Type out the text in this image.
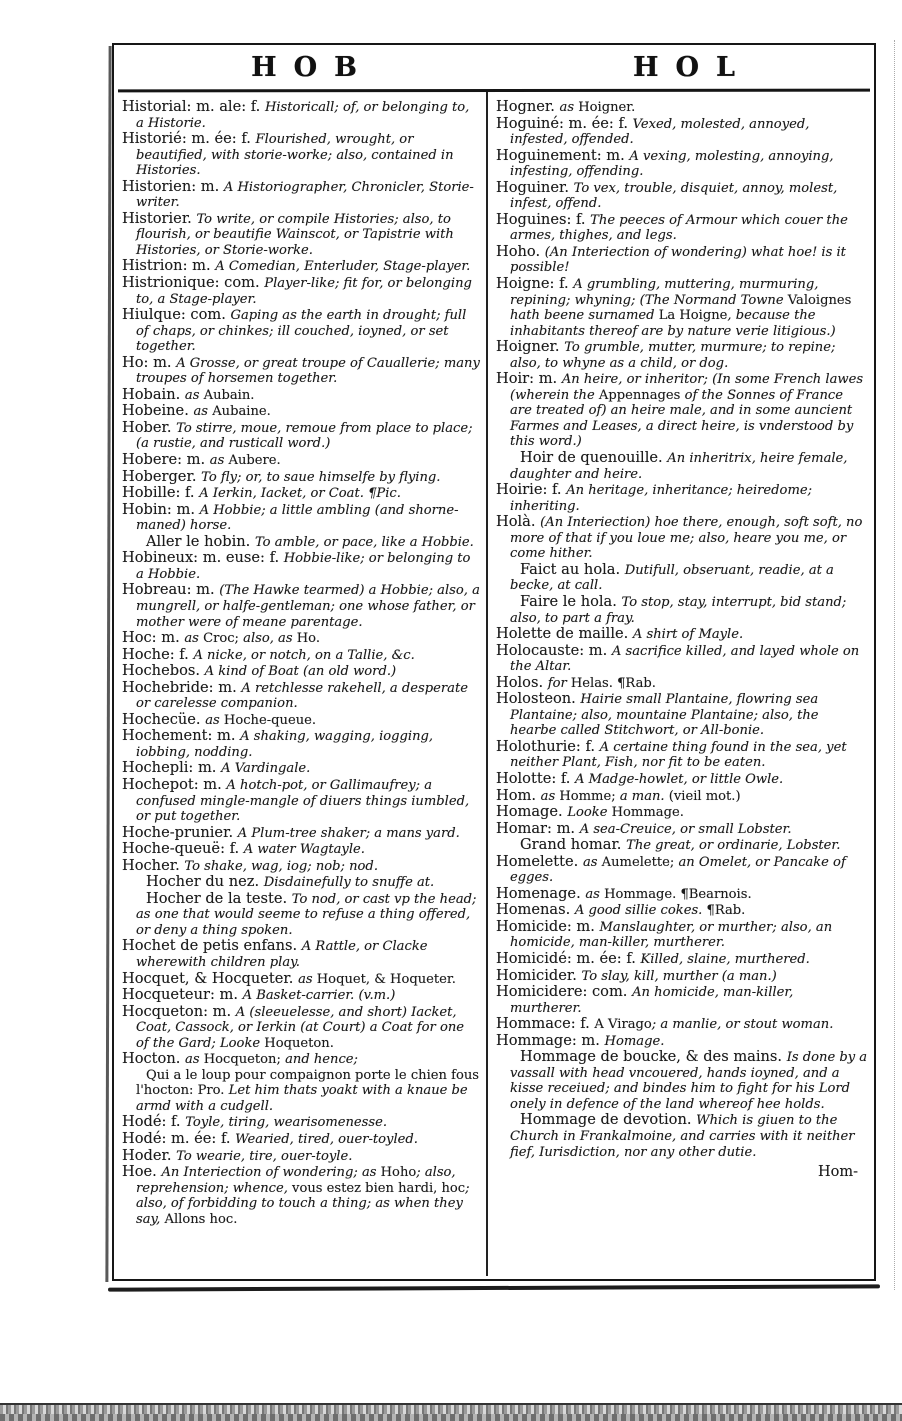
HOB	HOL

Historial: m. ale: f. Historicall; of, or belonging to, a Historie.

Historié: m. ée: f. Flourished, wrought, or beautified, with storie-worke; also, contained in Histories.

Historien: m. A Historiographer, Chronicler, Storie-writer.

Historier. To write, or compile Histories; also, to flourish, or beautifie Wainscot, or Tapistrie with Histories, or Storie-worke.

Histrion: m. A Comedian, Enterluder, Stage-player.

Histrionique: com. Player-like; fit for, or belonging to, a Stage-player.

Hiulque: com. Gaping as the earth in drought; full of chaps, or chinkes; ill couched, ioyned, or set together.

Ho: m. A Grosse, or great troupe of Cauallerie; many troupes of horsemen together.

Hobain. as Aubain.

Hobeine. as Aubaine.

Hober. To stirre, moue, remoue from place to place; (a rustie, and rusticall word.)

Hobere: m. as Aubere.

Hoberger. To fly; or, to saue himselfe by flying.

Hobille: f. A Ierkin, Iacket, or Coat. ¶Pic.

Hobin: m. A Hobbie; a little ambling (and shorne-maned) horse.

Aller le hobin. To amble, or pace, like a Hobbie.

Hobineux: m. euse: f. Hobbie-like; or belonging to a Hobbie.

Hobreau: m. (The Hawke tearmed) a Hobbie; also, a mungrell, or halfe-gentleman; one whose father, or mother were of meane parentage.

Hoc: m. as Croc; also, as Ho.

Hoche: f. A nicke, or notch, on a Tallie, &c.

Hochebos. A kind of Boat (an old word.)

Hochebride: m. A retchlesse rakehell, a desperate or carelesse companion.

Hochecüe. as Hoche-queue.

Hochement: m. A shaking, wagging, iogging, iobbing, nodding.

Hochepli: m. A Vardingale.

Hochepot: m. A hotch-pot, or Gallimaufrey; a confused mingle-mangle of diuers things iumbled, or put together.

Hoche-prunier. A Plum-tree shaker; a mans yard.

Hoche-queuë: f. A water Wagtayle.

Hocher. To shake, wag, iog; nob; nod.

Hocher du nez. Disdainefully to snuffe at.

Hocher de la teste. To nod, or cast vp the head; as one that would seeme to refuse a thing offered, or deny a thing spoken.

Hochet de petis enfans. A Rattle, or Clacke wherewith children play.

Hocquet, & Hocqueter. as Hoquet, & Hoqueter.

Hocqueteur: m. A Basket-carrier. (v.m.)

Hocqueton: m. A (sleeuelesse, and short) Iacket, Coat, Cassock, or Ierkin (at Court) a Coat for one of the Gard; Looke Hoqueton.

Hocton. as Hocqueton; and hence;

Qui a le loup pour compaignon porte le chien fous l'hocton: Pro. Let him thats yoakt with a knaue be armd with a cudgell.

Hodé: f. Toyle, tiring, wearisomenesse.

Hodé: m. ée: f. Wearied, tired, ouer-toyled.

Hoder. To wearie, tire, ouer-toyle.

Hoe. An Interiection of wondering; as Hoho; also, reprehension; whence, vous estez bien hardi, hoc; also, of forbidding to touch a thing; as when they say, Allons hoc.

Hogner. as Hoigner.

Hoguiné: m. ée: f. Vexed, molested, annoyed, infested, offended.

Hoguinement: m. A vexing, molesting, annoying, infesting, offending.

Hoguiner. To vex, trouble, disquiet, annoy, molest, infest, offend.

Hoguines: f. The peeces of Armour which couer the armes, thighes, and legs.

Hoho. (An Interiection of wondering) what hoe! is it possible!

Hoigne: f. A grumbling, muttering, murmuring, repining; whyning; (The Normand Towne Valoignes hath beene surnamed La Hoigne, because the inhabitants thereof are by nature verie litigious.)

Hoigner. To grumble, mutter, murmure; to repine; also, to whyne as a child, or dog.

Hoir: m. An heire, or inheritor; (In some French lawes (wherein the Appennages of the Sonnes of France are treated of) an heire male, and in some auncient Farmes and Leases, a direct heire, is vnderstood by this word.)

Hoir de quenouille. An inheritrix, heire female, daughter and heire.

Hoirie: f. An heritage, inheritance; heiredome; inheriting.

Holà. (An Interiection) hoe there, enough, soft soft, no more of that if you loue me; also, heare you me, or come hither.

Faict au hola. Dutifull, obseruant, readie, at a becke, at call.

Faire le hola. To stop, stay, interrupt, bid stand; also, to part a fray.

Holette de maille. A shirt of Mayle.

Holocauste: m. A sacrifice killed, and layed whole on the Altar.

Holos. for Helas. ¶Rab.

Holosteon. Hairie small Plantaine, flowring sea Plantaine; also, mountaine Plantaine; also, the hearbe called Stitchwort, or All-bonie.

Holothurie: f. A certaine thing found in the sea, yet neither Plant, Fish, nor fit to be eaten.

Holotte: f. A Madge-howlet, or little Owle.

Hom. as Homme; a man. (vieil mot.)

Homage. Looke Hommage.

Homar: m. A sea-Creuice, or small Lobster.

Grand homar. The great, or ordinarie, Lobster.

Homelette. as Aumelette; an Omelet, or Pancake of egges.

Homenage. as Hommage. ¶Bearnois.

Homenas. A good sillie cokes. ¶Rab.

Homicide: m. Manslaughter, or murther; also, an homicide, man-killer, murtherer.

Homicidé: m. ée: f. Killed, slaine, murthered.

Homicider. To slay, kill, murther (a man.)

Homicidere: com. An homicide, man-killer, murtherer.

Hommace: f. A Virago; a manlie, or stout woman.

Hommage: m. Homage.

Hommage de boucke, & des mains. Is done by a vassall with head vncouered, hands ioyned, and a kisse receiued; and bindes him to fight for his Lord onely in defence of the land whereof hee holds.

Hommage de devotion. Which is giuen to the Church in Frankalmoine, and carries with it neither fief, Iurisdiction, nor any other dutie.

Hom-
